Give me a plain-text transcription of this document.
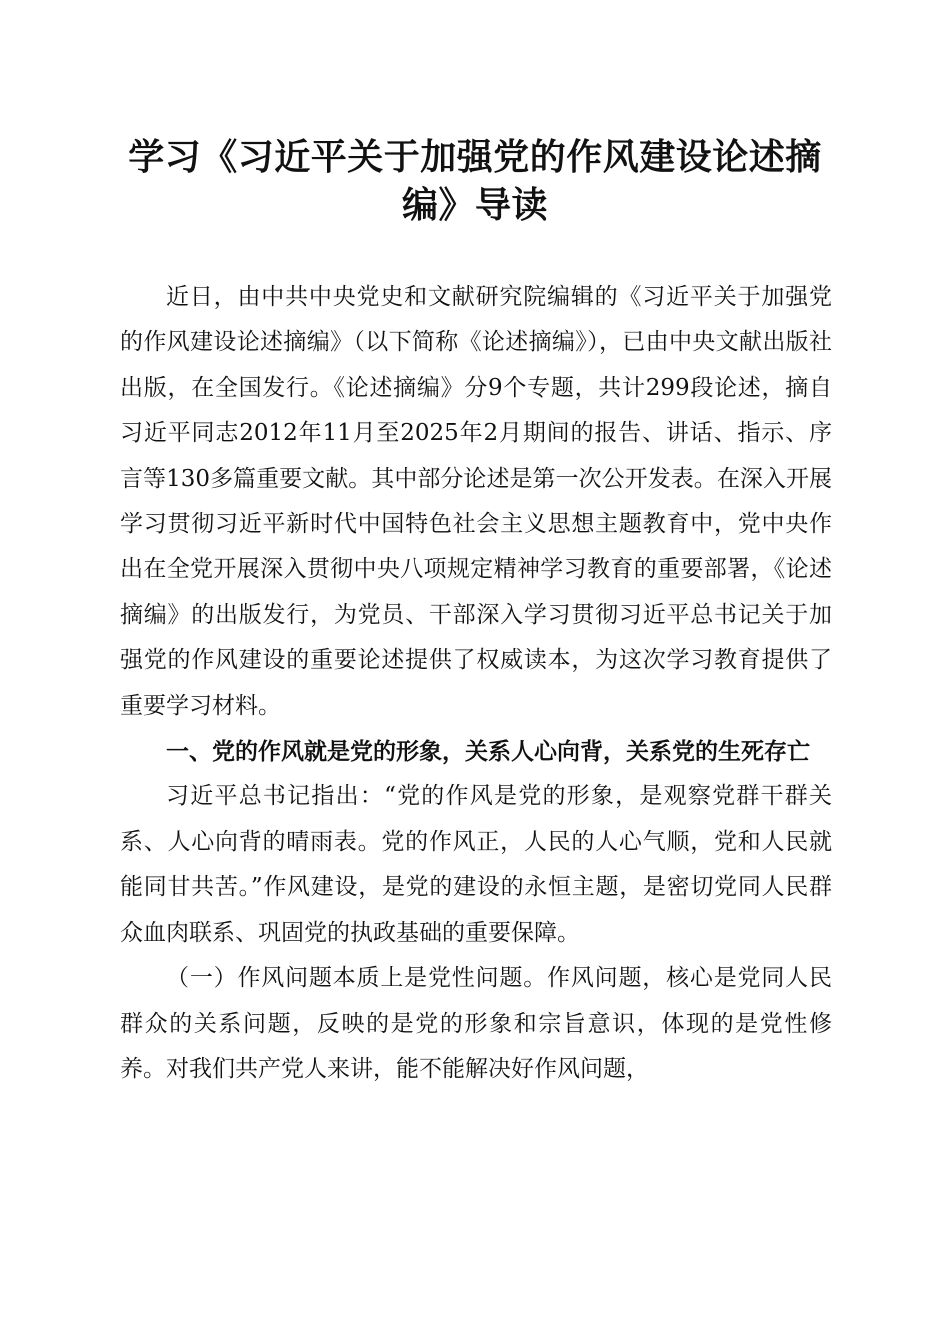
学习《习近平关于加强党的作风建设论述摘编》导读

近日，由中共中央党史和文献研究院编辑的《习近平关于加强党的作风建设论述摘编》（以下简称《论述摘编》），已由中央文献出版社出版，在全国发行。《论述摘编》分9个专题，共计299段论述，摘自习近平同志2012年11月至2025年2月期间的报告、讲话、指示、序言等130多篇重要文献。其中部分论述是第一次公开发表。在深入开展学习贯彻习近平新时代中国特色社会主义思想主题教育中，党中央作出在全党开展深入贯彻中央八项规定精神学习教育的重要部署，《论述摘编》的出版发行，为党员、干部深入学习贯彻习近平总书记关于加强党的作风建设的重要论述提供了权威读本，为这次学习教育提供了重要学习材料。

一、党的作风就是党的形象，关系人心向背，关系党的生死存亡

习近平总书记指出：“党的作风是党的形象，是观察党群干群关系、人心向背的晴雨表。党的作风正，人民的人心气顺，党和人民就能同甘共苦。”作风建设，是党的建设的永恒主题，是密切党同人民群众血肉联系、巩固党的执政基础的重要保障。

（一）作风问题本质上是党性问题。作风问题，核心是党同人民群众的关系问题，反映的是党的形象和宗旨意识，体现的是党性修养。对我们共产党人来讲，能不能解决好作风问题，
